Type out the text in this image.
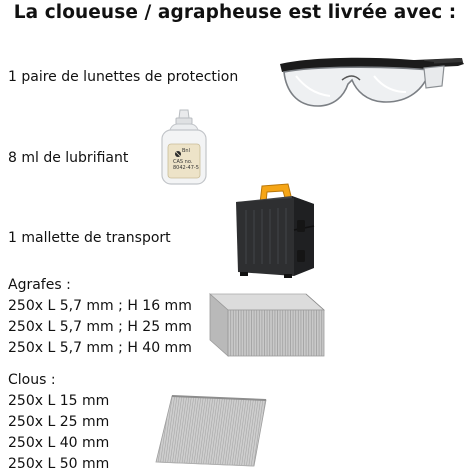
La cloueuse / agrapheuse est livrée avec :
1 paire de lunettes de protection
8 ml de lubrifiant	Bnl
CAS no.
8042-47-5
1 mallette de transport
Agrafes :
250x L 5,7 mm ; H 16 mm
250x L 5,7 mm ; H 25 mm
250x L 5,7 mm ; H 40 mm
Clous :
250x L 15 mm
250x L 25 mm
250x L 40 mm
250x L 50 mm
